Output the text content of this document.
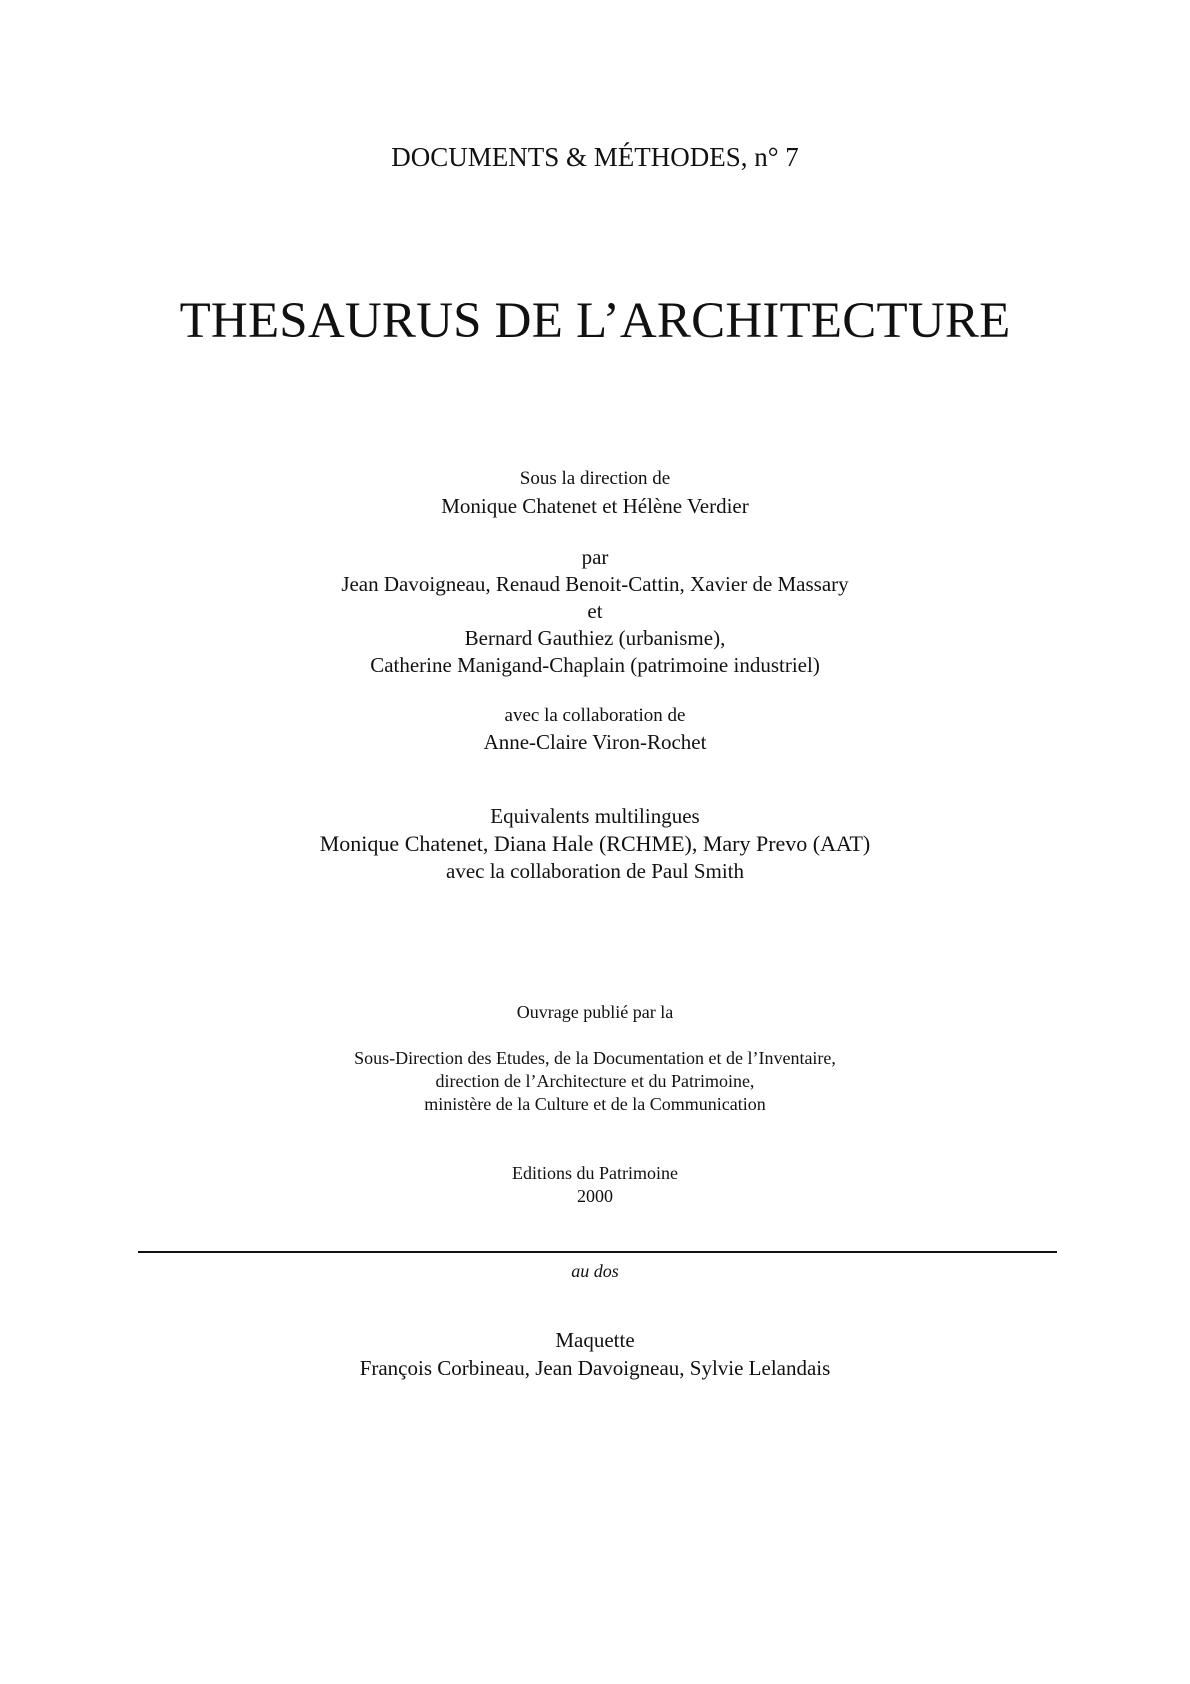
DOCUMENTS & MÉTHODES, n° 7
THESAURUS DE L’ARCHITECTURE
Sous la direction de
Monique Chatenet et Hélène Verdier
par
Jean Davoigneau, Renaud Benoit-Cattin, Xavier de Massary
et
Bernard Gauthiez (urbanisme),
Catherine Manigand-Chaplain (patrimoine industriel)
avec la collaboration de
Anne-Claire Viron-Rochet
Equivalents multilingues
Monique Chatenet, Diana Hale (RCHME), Mary Prevo (AAT)
avec la collaboration de Paul Smith
Ouvrage publié par la
Sous-Direction des Etudes, de la Documentation et de l’Inventaire,
direction de l’Architecture et du Patrimoine,
ministère de la Culture et de la Communication
Editions du Patrimoine
2000
au dos
Maquette
François Corbineau, Jean Davoigneau, Sylvie Lelandais
